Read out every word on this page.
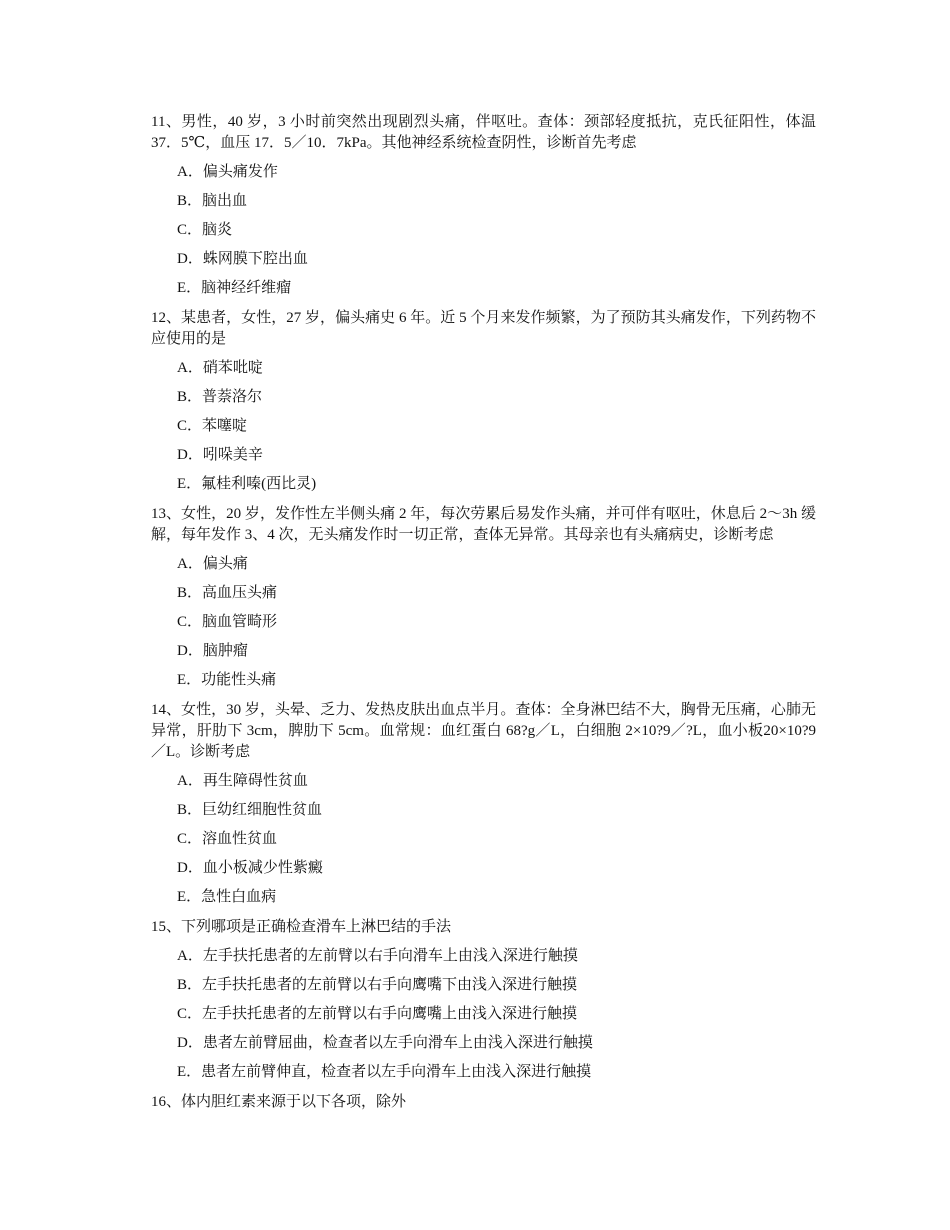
11、男性，40 岁，3 小时前突然出现剧烈头痛，伴呕吐。查体：颈部轻度抵抗，克氏征阳性，体温37．5℃，血压 17．5／10．7kPa。其他神经系统检查阴性，诊断首先考虑

A．偏头痛发作
B．脑出血
C．脑炎
D．蛛网膜下腔出血
E．脑神经纤维瘤

12、某患者，女性，27 岁，偏头痛史 6 年。近 5 个月来发作频繁，为了预防其头痛发作，下列药物不应使用的是

A．硝苯吡啶
B．普萘洛尔
C．苯噻啶
D．吲哚美辛
E．氟桂利嗪(西比灵)

13、女性，20 岁，发作性左半侧头痛 2 年，每次劳累后易发作头痛，并可伴有呕吐，休息后 2～3h 缓解，每年发作 3、4 次，无头痛发作时一切正常，查体无异常。其母亲也有头痛病史，诊断考虑

A．偏头痛
B．高血压头痛
C．脑血管畸形
D．脑肿瘤
E．功能性头痛

14、女性，30 岁，头晕、乏力、发热皮肤出血点半月。查体：全身淋巴结不大，胸骨无压痛，心肺无异常，肝肋下 3cm，脾肋下 5cm。血常规：血红蛋白 68?g／L，白细胞 2×10?9／?L，血小板20×10?9／L。诊断考虑

A．再生障碍性贫血
B．巨幼红细胞性贫血
C．溶血性贫血
D．血小板减少性紫癜
E．急性白血病

15、下列哪项是正确检查滑车上淋巴结的手法

A．左手扶托患者的左前臂以右手向滑车上由浅入深进行触摸
B．左手扶托患者的左前臂以右手向鹰嘴下由浅入深进行触摸
C．左手扶托患者的左前臂以右手向鹰嘴上由浅入深进行触摸
D．患者左前臂屈曲，检查者以左手向滑车上由浅入深进行触摸
E．患者左前臂伸直，检查者以左手向滑车上由浅入深进行触摸

16、体内胆红素来源于以下各项，除外
